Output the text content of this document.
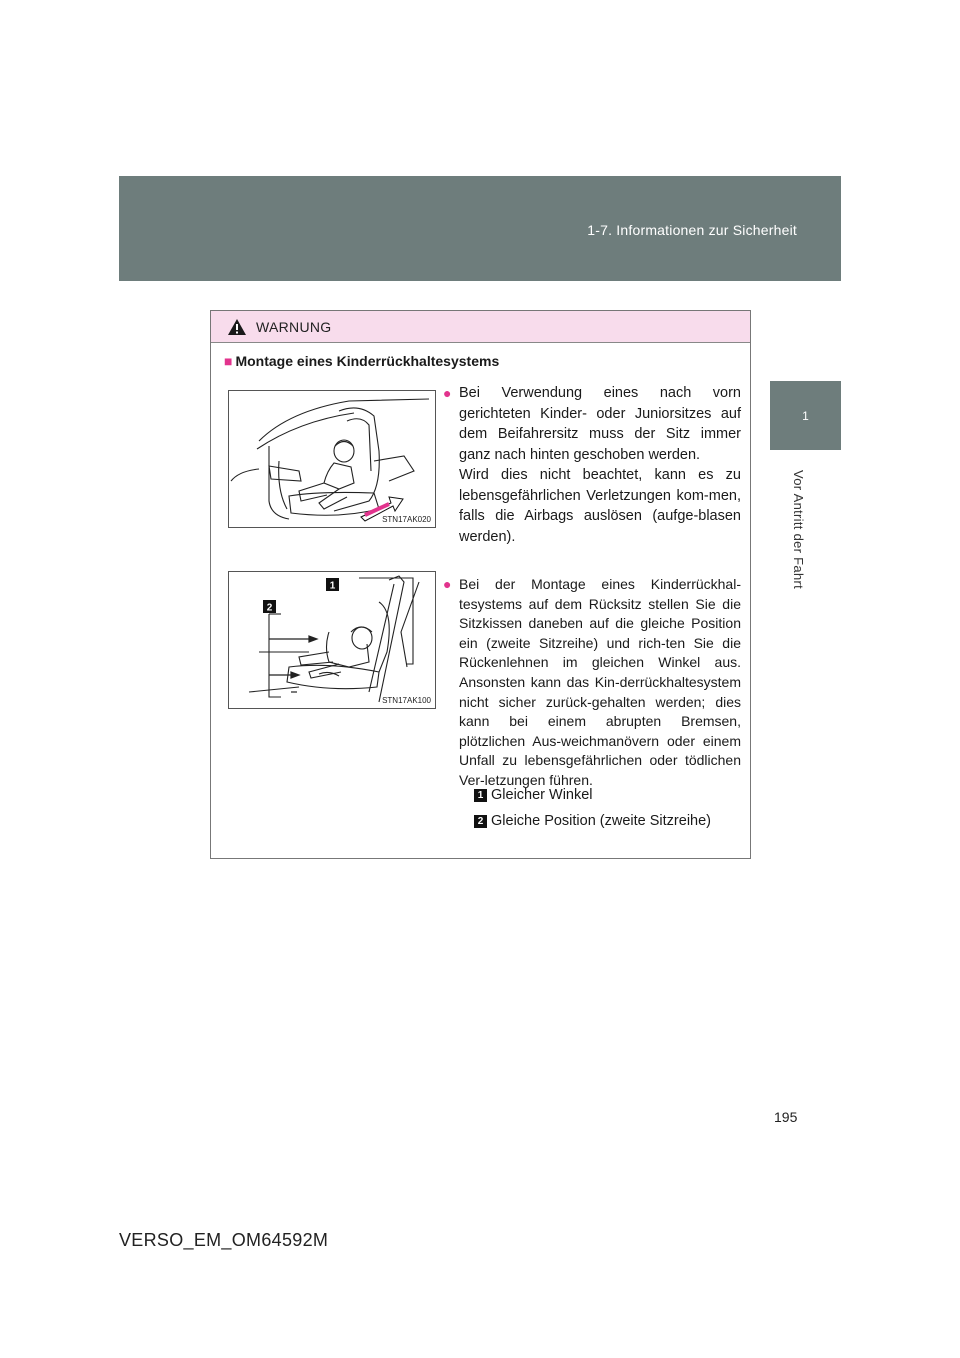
1-7. Informationen zur Sicherheit
1
Vor Antritt der Fahrt
WARNUNG
■ Montage eines Kinderrückhaltesystems
STN17AK020
1
2
STN17AK100
● Bei Verwendung eines nach vorn gerichteten Kinder- oder Juniorsitzes auf dem Beifahrersitz muss der Sitz immer ganz nach hinten geschoben werden.
Wird dies nicht beachtet, kann es zu lebensgefährlichen Verletzungen kom-men, falls die Airbags auslösen (aufge-blasen werden).
● Bei der Montage eines Kinderrückhal-tesystems auf dem Rücksitz stellen Sie die Sitzkissen daneben auf die gleiche Position ein (zweite Sitzreihe) und rich-ten Sie die Rückenlehnen im gleichen Winkel aus. Ansonsten kann das Kin-derrückhaltesystem nicht sicher zurück-gehalten werden; dies kann bei einem abrupten Bremsen, plötzlichen Aus-weichmanövern oder einem Unfall zu lebensgefährlichen oder tödlichen Ver-letzungen führen.
1 Gleicher Winkel
2 Gleiche Position (zweite Sitzreihe)
195
VERSO_EM_OM64592M
